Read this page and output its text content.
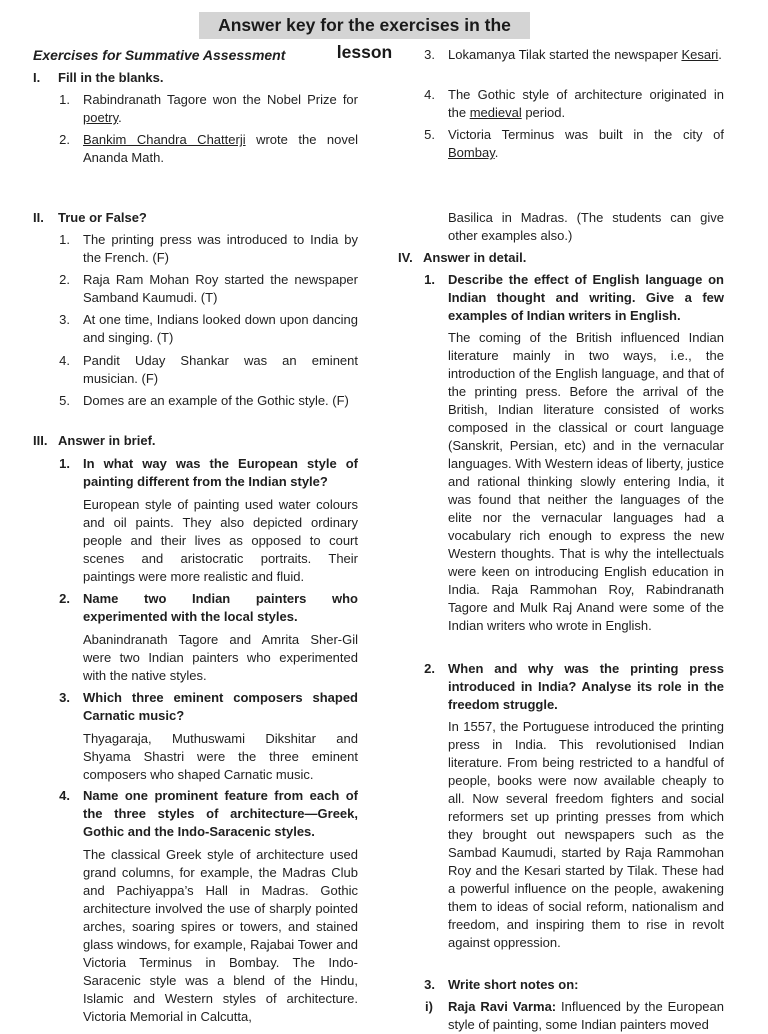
Answer key for the exercises in the lesson
Exercises for Summative Assessment
I. Fill in the blanks.
1. Rabindranath Tagore won the Nobel Prize for poetry.
2. Bankim Chandra Chatterji wrote the novel Ananda Math.
II. True or False?
1. The printing press was introduced to India by the French. (F)
2. Raja Ram Mohan Roy started the newspaper Samband Kaumudi. (T)
3. At one time, Indians looked down upon dancing and singing. (T)
4. Pandit Uday Shankar was an eminent musician. (F)
5. Domes are an example of the Gothic style. (F)
III. Answer in brief.
1. In what way was the European style of painting different from the Indian style?
European style of painting used water colours and oil paints. They also depicted ordinary people and their lives as opposed to court scenes and aristocratic portraits. Their paintings were more realistic and fluid.
2. Name two Indian painters who experimented with the local styles.
Abanindranath Tagore and Amrita Sher-Gil were two Indian painters who experimented with the native styles.
3. Which three eminent composers shaped Carnatic music?
Thyagaraja, Muthuswami Dikshitar and Shyama Shastri were the three eminent composers who shaped Carnatic music.
4. Name one prominent feature from each of the three styles of architecture—Greek, Gothic and the Indo-Saracenic styles.
The classical Greek style of architecture used grand columns, for example, the Madras Club and Pachiyappa’s Hall in Madras. Gothic architecture involved the use of sharply pointed arches, soaring spires or towers, and stained glass windows, for example, Rajabai Tower and Victoria Terminus in Bombay. The Indo-Saracenic style was a blend of the Hindu, Islamic and Western styles of architecture. Victoria Memorial in Calcutta,
3. Lokamanya Tilak started the newspaper Kesari.
4. The Gothic style of architecture originated in the medieval period.
5. Victoria Terminus was built in the city of Bombay.
Basilica in Madras. (The students can give other examples also.)
IV. Answer in detail.
1. Describe the effect of English language on Indian thought and writing. Give a few examples of Indian writers in English.
The coming of the British influenced Indian literature mainly in two ways, i.e., the introduction of the English language, and that of the printing press. Before the arrival of the British, Indian literature consisted of works composed in the classical or court language (Sanskrit, Persian, etc) and in the vernacular languages. With Western ideas of liberty, justice and rational thinking slowly entering India, it was found that neither the languages of the elite nor the vernacular languages had a vocabulary rich enough to express the new Western thoughts. That is why the intellectuals were keen on introducing English education in India. Raja Rammohan Roy, Rabindranath Tagore and Mulk Raj Anand were some of the Indian writers who wrote in English.
2. When and why was the printing press introduced in India? Analyse its role in the freedom struggle.
In 1557, the Portuguese introduced the printing press in India. This revolutionised Indian literature. From being restricted to a handful of people, books were now available cheaply to all. Now several freedom fighters and social reformers set up printing presses from which they brought out newspapers such as the Sambad Kaumudi, started by Raja Rammohan Roy and the Kesari started by Tilak. These had a powerful influence on the people, awakening them to ideas of social reform, nationalism and freedom, and inspiring them to rise in revolt against oppression.
3. Write short notes on:
i) Raja Ravi Varma: Influenced by the European style of painting, some Indian painters moved
